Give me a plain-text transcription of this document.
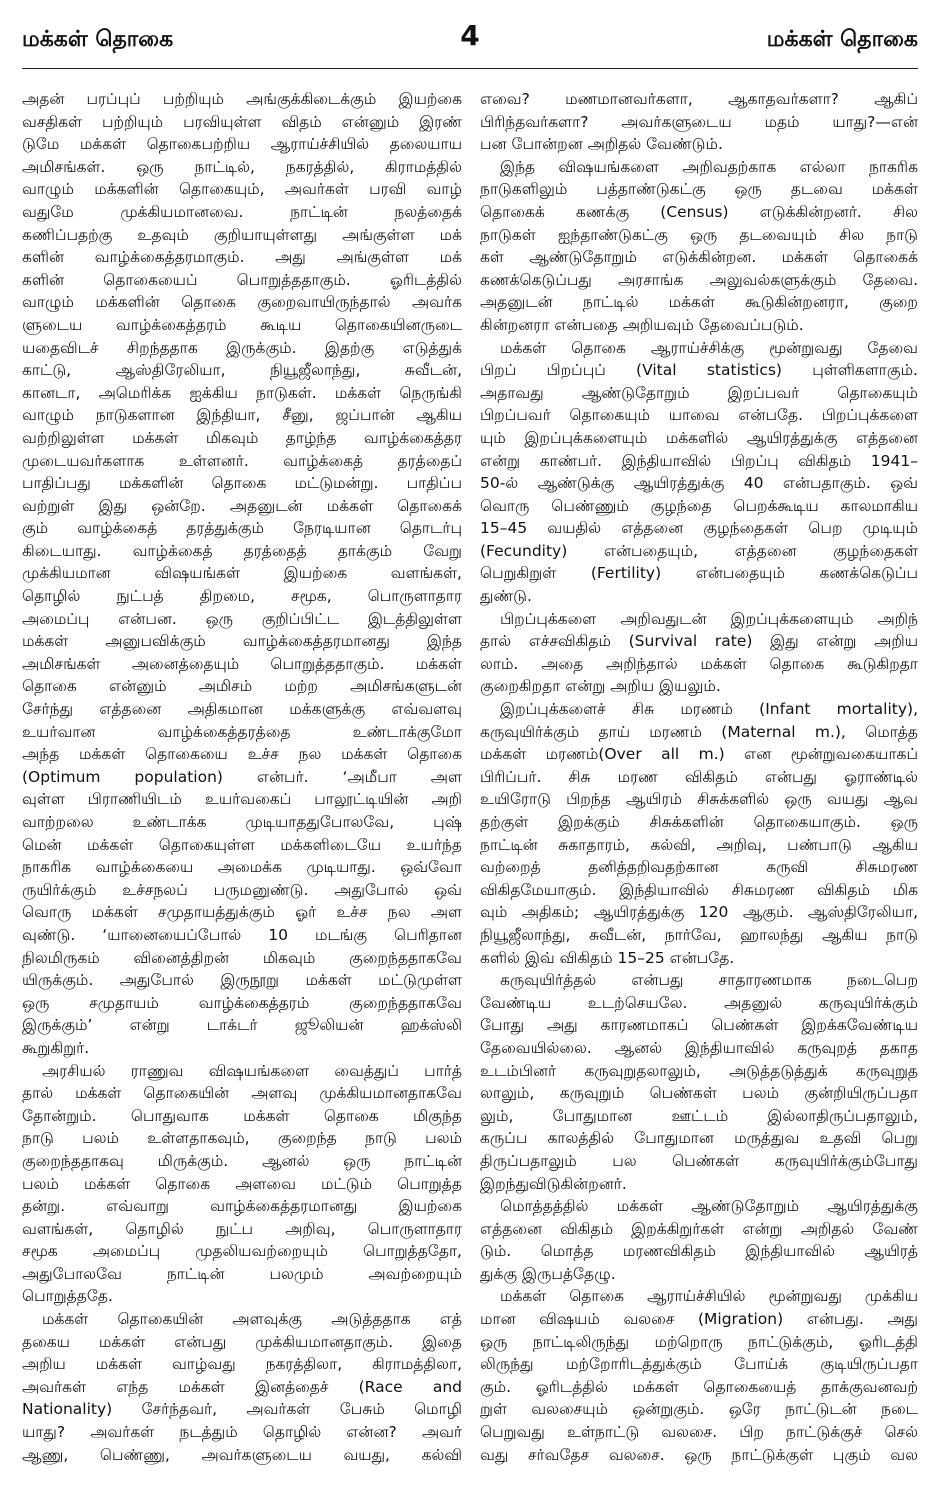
மக்கள் தொகை	4	மக்கள் தொகை
அதன் பரப்புப் பற்றியும் அங்குக்கிடைக்கும் இயற்கை
வசதிகள் பற்றியும் பரவியுள்ள விதம் என்னும் இரண்
டுமே மக்கள் தொகைபற்றிய ஆராய்ச்சியில் தலையாய
அமிசங்கள். ஒரு நாட்டில், நகரத்தில், கிராமத்தில்
வாழும் மக்களின் தொகையும், அவர்கள் பரவி வாழ்
வதுமே முக்கியமானவை. நாட்டின் நலத்தைக்
கணிப்பதற்கு உதவும் குறியாயுள்ளது அங்குள்ள மக்
களின் வாழ்க்கைத்தரமாகும். அது அங்குள்ள மக்
களின் தொகையைப் பொறுத்ததாகும். ஓரிடத்தில்
வாழும் மக்களின் தொகை குறைவாயிருந்தால் அவர்க
ளுடைய வாழ்க்கைத்தரம் கூடிய தொகையினருடை
யதைவிடச் சிறந்ததாக இருக்கும். இதற்கு எடுத்துக்
காட்டு, ஆஸ்திரேலியா, நியூஜீலாந்து, சுவீடன்,
கானடா, அமெரிக்க ஐக்கிய நாடுகள். மக்கள் நெருங்கி
வாழும் நாடுகளான இந்தியா, சீனு, ஜப்பான் ஆகிய
வற்றிலுள்ள மக்கள் மிகவும் தாழ்ந்த வாழ்க்கைத்தர
முடையவர்களாக உள்ளனர். வாழ்க்கைத் தரத்தைப்
பாதிப்பது மக்களின் தொகை மட்டுமன்று. பாதிப்ப
வற்றுள் இது ஒன்றே. அதனுடன் மக்கள் தொகைக்
கும் வாழ்க்கைத் தரத்துக்கும் நேரடியான தொடர்பு
கிடையாது. வாழ்க்கைத் தரத்தைத் தாக்கும் வேறு
முக்கியமான விஷயங்கள் இயற்கை வளங்கள்,
தொழில் நுட்பத் திறமை, சமூக, பொருளாதார
அமைப்பு என்பன. ஒரு குறிப்பிட்ட இடத்திலுள்ள
மக்கள் அனுபவிக்கும் வாழ்க்கைத்தரமானது இந்த
அமிசங்கள் அனைத்தையும் பொறுத்ததாகும். மக்கள்
தொகை என்னும் அமிசம் மற்ற அமிசங்களுடன்
சேர்ந்து எத்தனை அதிகமான மக்களுக்கு எவ்வளவு
உயர்வான வாழ்க்கைத்தரத்தை உண்டாக்குமோ
அந்த மக்கள் தொகையை உச்ச நல மக்கள் தொகை
(Optimum population) என்பர். ‘அமீபா அள
வுள்ள பிராணியிடம் உயர்வகைப் பாலூட்டியின் அறி
வாற்றலை உண்டாக்க முடியாததுபோலவே, புஷ்
மென் மக்கள் தொகையுள்ள மக்களிடையே உயர்ந்த
நாகரிக வாழ்க்கையை அமைக்க முடியாது. ஒவ்வோ
ருயிர்க்கும் உச்சநலப் பருமனுண்டு. அதுபோல் ஒவ்
வொரு மக்கள் சமுதாயத்துக்கும் ஓர் உச்ச நல அள
வுண்டு. ‘யானையைப்போல் 10 மடங்கு பெரிதான
நிலமிருகம் வினைத்திறன் மிகவும் குறைந்ததாகவே
யிருக்கும். அதுபோல் இருநூறு மக்கள் மட்டுமுள்ள
ஒரு சமுதாயம் வாழ்க்கைத்தரம் குறைந்ததாகவே
இருக்கும்’ என்று டாக்டர் ஜூலியன் ஹக்ஸ்லி
கூறுகிறுர்.
அரசியல் ராணுவ விஷயங்களை வைத்துப் பார்த்
தால் மக்கள் தொகையின் அளவு முக்கியமானதாகவே
தோன்றும். பொதுவாக மக்கள் தொகை மிகுந்த
நாடு பலம் உள்ளதாகவும், குறைந்த நாடு பலம்
குறைந்ததாகவு மிருக்கும். ஆனல் ஒரு நாட்டின்
பலம் மக்கள் தொகை அளவை மட்டும் பொறுத்த
தன்று. எவ்வாறு வாழ்க்கைத்தரமானது இயற்கை
வளங்கள், தொழில் நுட்ப அறிவு, பொருளாதார
சமூக அமைப்பு முதலியவற்றையும் பொறுத்ததோ,
அதுபோலவே நாட்டின் பலமும் அவற்றையும்
பொறுத்ததே.
மக்கள் தொகையின் அளவுக்கு அடுத்ததாக எத்
தகைய மக்கள் என்பது முக்கியமானதாகும். இதை
அறிய மக்கள் வாழ்வது நகரத்திலா, கிராமத்திலா,
அவர்கள் எந்த மக்கள் இனத்தைச் (Race and
Nationality) சேர்ந்தவர், அவர்கள் பேசும் மொழி
யாது? அவர்கள் நடத்தும் தொழில் என்ன? அவர்
ஆணு, பெண்ணு, அவர்களுடைய வயது, கல்வி
எவை? மணமானவர்களா, ஆகாதவர்களா? ஆகிப்
பிரிந்தவர்களா? அவர்களுடைய மதம் யாது?—என்
பன போன்றன அறிதல் வேண்டும்.
இந்த விஷயங்களை அறிவதற்காக எல்லா நாகரிக
நாடுகளிலும் பத்தாண்டுகட்கு ஒரு தடவை மக்கள்
தொகைக் கணக்கு (Census) எடுக்கின்றனர். சில
நாடுகள் ஐந்தாண்டுகட்கு ஒரு தடவையும் சில நாடு
கள் ஆண்டுதோறும் எடுக்கின்றன. மக்கள் தொகைக்
கணக்கெடுப்பது அரசாங்க அலுவல்களுக்கும் தேவை.
அதனுடன் நாட்டில் மக்கள் கூடுகின்றனரா, குறை
கின்றனரா என்பதை அறியவும் தேவைப்படும்.
மக்கள் தொகை ஆராய்ச்சிக்கு மூன்றுவது தேவை
பிறப் பிறப்புப் (Vital statistics) புள்ளிகளாகும்.
அதாவது ஆண்டுதோறும் இறப்பவர் தொகையும்
பிறப்பவர் தொகையும் யாவை என்பதே. பிறப்புக்களை
யும் இறப்புக்களையும் மக்களில் ஆயிரத்துக்கு எத்தனை
என்று காண்பர். இந்தியாவில் பிறப்பு விகிதம் 1941–
50-ல் ஆண்டுக்கு ஆயிரத்துக்கு 40 என்பதாகும். ஒவ்
வொரு பெண்ணும் குழந்தை பெறக்கூடிய காலமாகிய
15–45 வயதில் எத்தனை குழந்தைகள் பெற முடியும்
(Fecundity) என்பதையும், எத்தனை குழந்தைகள்
பெறுகிறுள் (Fertility) என்பதையும் கணக்கெடுப்ப
துண்டு.
பிறப்புக்களை அறிவதுடன் இறப்புக்களையும் அறிந்
தால் எச்சவிகிதம் (Survival rate) இது என்று அறிய
லாம். அதை அறிந்தால் மக்கள் தொகை கூடுகிறதா
குறைகிறதா என்று அறிய இயலும்.
இறப்புக்களைச் சிசு மரணம் (Infant mortality),
கருவுயிர்க்கும் தாய் மரணம் (Maternal m.), மொத்த
மக்கள் மரணம்(Over all m.) என மூன்றுவகையாகப்
பிரிப்பர். சிசு மரண விகிதம் என்பது ஓராண்டில்
உயிரோடு பிறந்த ஆயிரம் சிசுக்களில் ஒரு வயது ஆவ
தற்குள் இறக்கும் சிசுக்களின் தொகையாகும். ஒரு
நாட்டின் சுகாதாரம், கல்வி, அறிவு, பண்பாடு ஆகிய
வற்றைத் தனித்தறிவதற்கான கருவி சிசுமரண
விகிதமேயாகும். இந்தியாவில் சிசுமரண விகிதம் மிக
வும் அதிகம்; ஆயிரத்துக்கு 120 ஆகும். ஆஸ்திரேலியா,
நியூஜீலாந்து, சுவீடன், நார்வே, ஹாலந்து ஆகிய நாடு
களில் இவ் விகிதம் 15–25 என்பதே.
கருவுயிர்த்தல் என்பது சாதாரணமாக நடைபெற
வேண்டிய உடற்செயலே. அதனுல் கருவுயிர்க்கும்
போது அது காரணமாகப் பெண்கள் இறக்கவேண்டிய
தேவையில்லை. ஆனல் இந்தியாவில் கருவுறத் தகாத
உடம்பினர் கருவுறுதலாலும், அடுத்தடுத்துக் கருவுறுத
லாலும், கருவுறும் பெண்கள் பலம் குன்றியிருப்பதா
லும், போதுமான ஊட்டம் இல்லாதிருப்பதாலும்,
கருப்ப காலத்தில் போதுமான மருத்துவ உதவி பெறு
திருப்பதாலும் பல பெண்கள் கருவுயிர்க்கும்போது
இறந்துவிடுகின்றனர்.
மொத்தத்தில் மக்கள் ஆண்டுதோறும் ஆயிரத்துக்கு
எத்தனை விகிதம் இறக்கிறுர்கள் என்று அறிதல் வேண்
டும். மொத்த மரணவிகிதம் இந்தியாவில் ஆயிரத்
துக்கு இருபத்தேழு.
மக்கள் தொகை ஆராய்ச்சியில் மூன்றுவது முக்கிய
மான விஷயம் வலசை (Migration) என்பது. அது
ஒரு நாட்டிலிருந்து மற்றொரு நாட்டுக்கும், ஓரிடத்தி
லிருந்து மற்றோரிடத்துக்கும் போய்க் குடியிருப்பதா
கும். ஓரிடத்தில் மக்கள் தொகையைத் தாக்குவனவற்
றுள் வலசையும் ஒன்றுகும். ஒரே நாட்டுடன் நடை
பெறுவது உள்நாட்டு வலசை. பிற நாட்டுக்குச் செல்
வது சர்வதேச வலசை. ஒரு நாட்டுக்குள் புகும் வல
